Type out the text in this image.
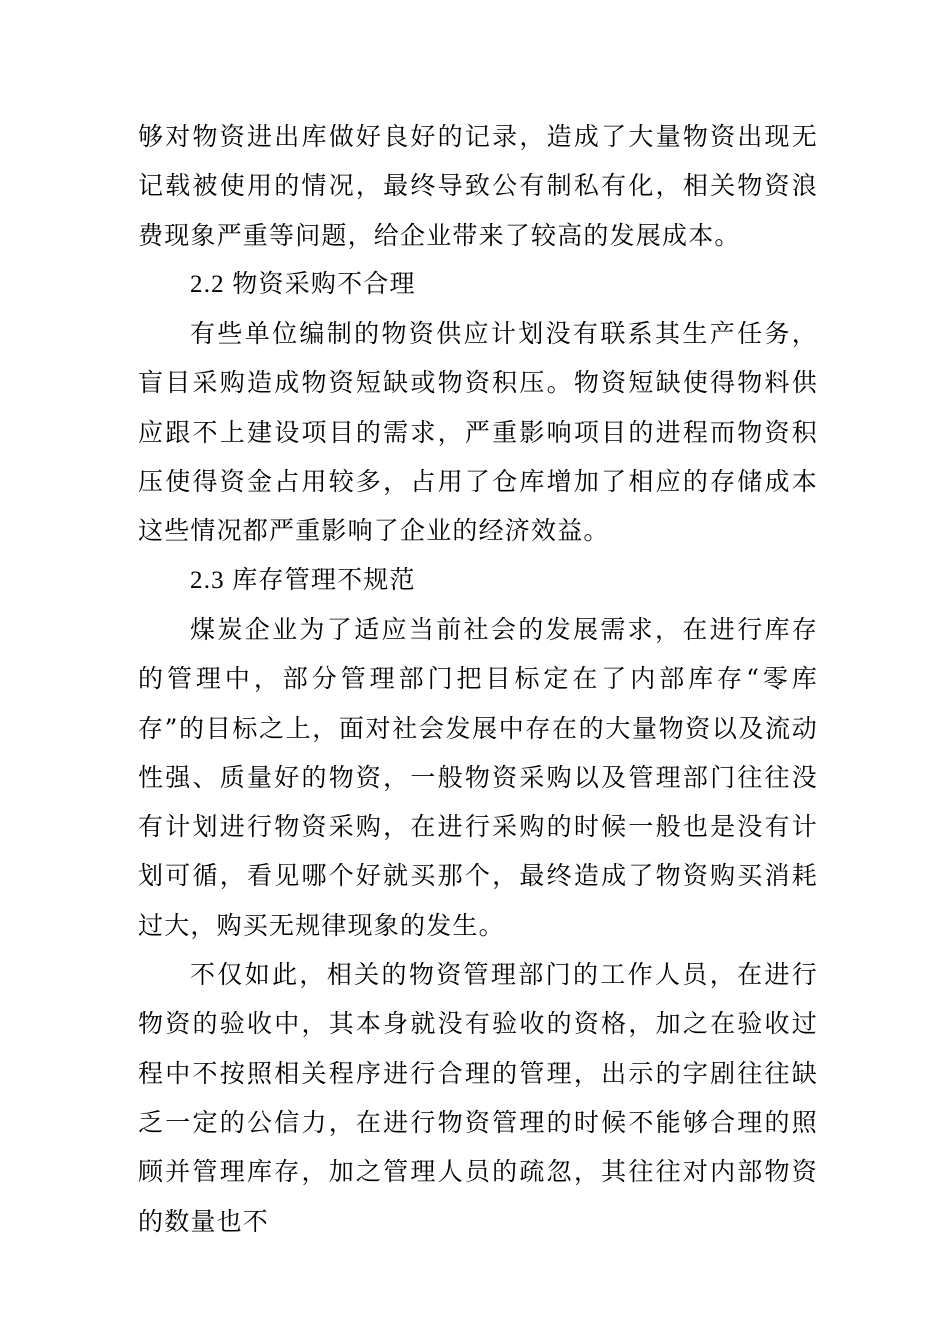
够对物资进出库做好良好的记录，造成了大量物资出现无记载被使用的情况，最终导致公有制私有化，相关物资浪费现象严重等问题，给企业带来了较高的发展成本。

2.2 物资采购不合理

有些单位编制的物资供应计划没有联系其生产任务，盲目采购造成物资短缺或物资积压。物资短缺使得物料供应跟不上建设项目的需求，严重影响项目的进程而物资积压使得资金占用较多，占用了仓库增加了相应的存储成本这些情况都严重影响了企业的经济效益。

2.3 库存管理不规范

煤炭企业为了适应当前社会的发展需求，在进行库存的管理中，部分管理部门把目标定在了内部库存“零库存”的目标之上，面对社会发展中存在的大量物资以及流动性强、质量好的物资，一般物资采购以及管理部门往往没有计划进行物资采购，在进行采购的时候一般也是没有计划可循，看见哪个好就买那个，最终造成了物资购买消耗过大，购买无规律现象的发生。

不仅如此，相关的物资管理部门的工作人员，在进行物资的验收中，其本身就没有验收的资格，加之在验收过程中不按照相关程序进行合理的管理，出示的字剧往往缺乏一定的公信力，在进行物资管理的时候不能够合理的照顾并管理库存，加之管理人员的疏忽，其往往对内部物资的数量也不
